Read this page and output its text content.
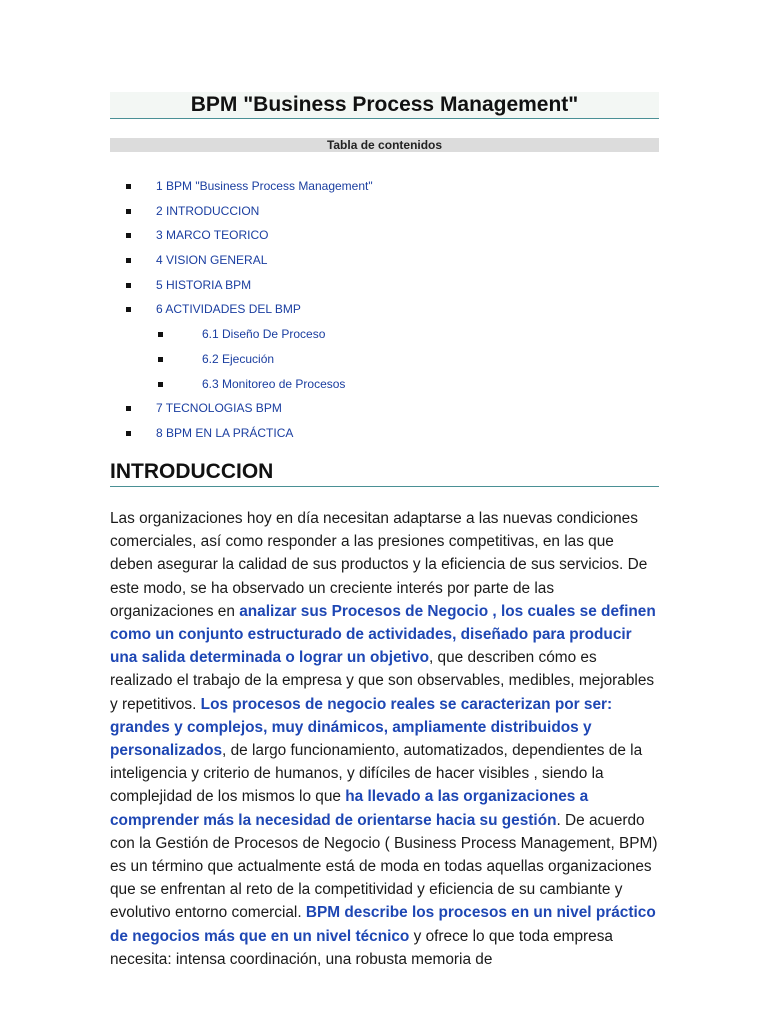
BPM "Business Process Management"
Tabla de contenidos
1 BPM "Business Process Management"
2 INTRODUCCION
3 MARCO TEORICO
4 VISION GENERAL
5 HISTORIA BPM
6 ACTIVIDADES DEL BMP
6.1 Diseño De Proceso
6.2 Ejecución
6.3 Monitoreo de Procesos
7 TECNOLOGIAS BPM
8 BPM EN LA PRÁCTICA
INTRODUCCION

Las organizaciones hoy en día necesitan adaptarse a las nuevas condiciones comerciales, así como responder a las presiones competitivas, en las que deben asegurar la calidad de sus productos y la eficiencia de sus servicios. De este modo, se ha observado un creciente interés por parte de las organizaciones en analizar sus Procesos de Negocio , los cuales se definen como un conjunto estructurado de actividades, diseñado para producir una salida determinada o lograr un objetivo, que describen cómo es realizado el trabajo de la empresa y que son observables, medibles, mejorables y repetitivos. Los procesos de negocio reales se caracterizan por ser: grandes y complejos, muy dinámicos, ampliamente distribuidos y personalizados, de largo funcionamiento, automatizados, dependientes de la inteligencia y criterio de humanos, y difíciles de hacer visibles , siendo la complejidad de los mismos lo que ha llevado a las organizaciones a comprender más la necesidad de orientarse hacia su gestión. De acuerdo con la Gestión de Procesos de Negocio ( Business Process Management, BPM) es un término que actualmente está de moda en todas aquellas organizaciones que se enfrentan al reto de la competitividad y eficiencia de su cambiante y evolutivo entorno comercial. BPM describe los procesos en un nivel práctico de negocios más que en un nivel técnico y ofrece lo que toda empresa necesita: intensa coordinación, una robusta memoria de
